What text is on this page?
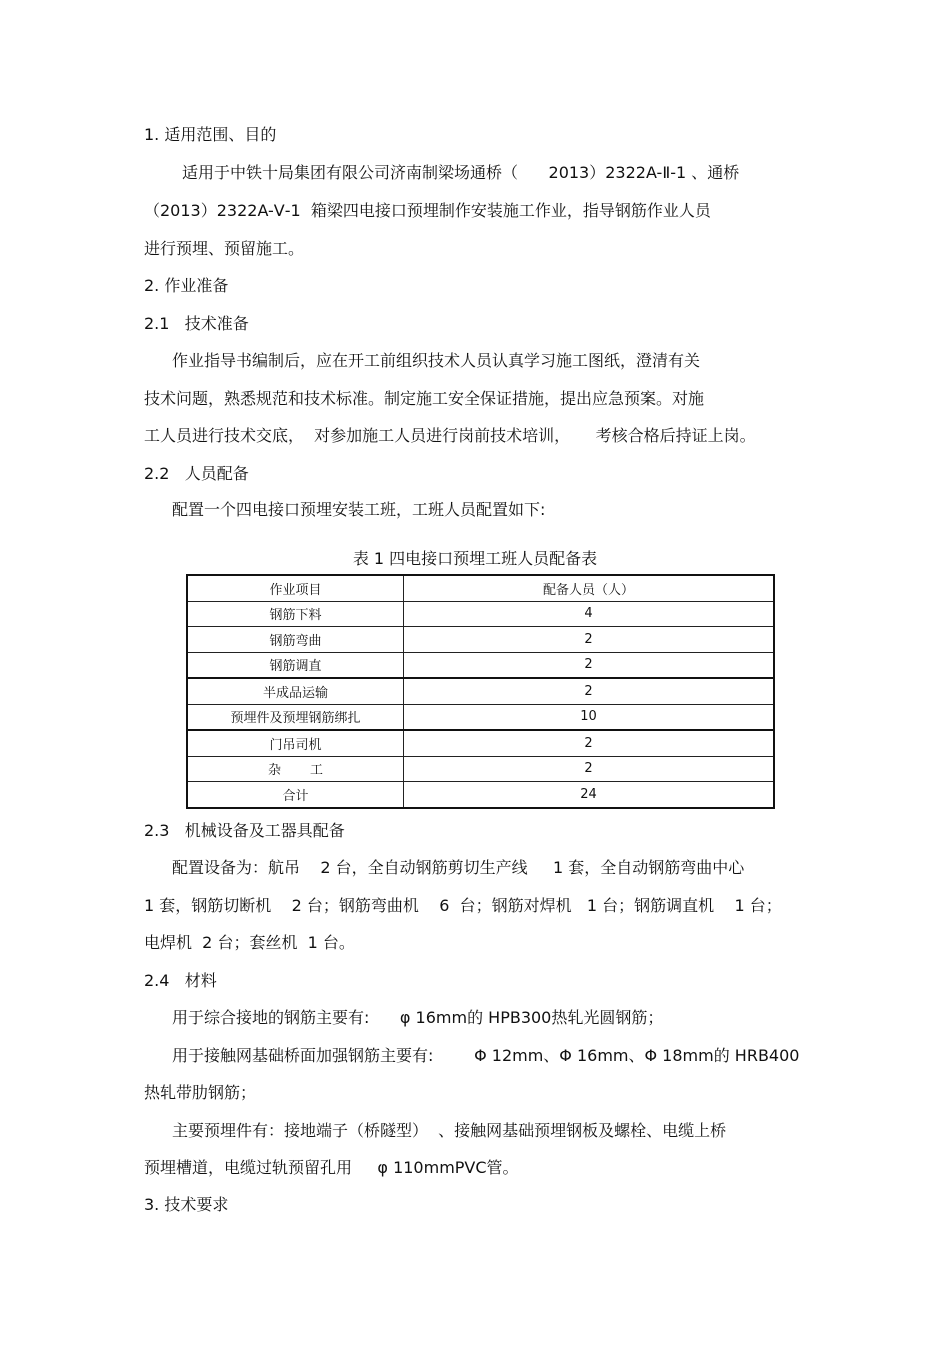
1. 适用范围、目的
适用于中铁十局集团有限公司济南制梁场通桥（      2013）2322A-Ⅱ-1 、通桥
（2013）2322A-Ⅴ-1  箱梁四电接口预埋制作安装施工作业，指导钢筋作业人员
进行预埋、预留施工。
2. 作业准备
2.1   技术准备
作业指导书编制后，应在开工前组织技术人员认真学习施工图纸，澄清有关
技术问题，熟悉规范和技术标准。制定施工安全保证措施，提出应急预案。对施
工人员进行技术交底，  对参加施工人员进行岗前技术培训，     考核合格后持证上岗。
2.2   人员配备
配置一个四电接口预埋安装工班，工班人员配置如下:
表 1 四电接口预埋工班人员配备表
作业项目	配备人员（人）
钢筋下料	4
钢筋弯曲	2
钢筋调直	2
半成品运输	2
预埋件及预埋钢筋绑扎	10
门吊司机	2
杂       工	2
合计	24
2.3   机械设备及工器具配备
配置设备为：航吊    2 台，全自动钢筋剪切生产线     1 套，全自动钢筋弯曲中心
1 套，钢筋切断机    2 台；钢筋弯曲机    6  台；钢筋对焊机   1 台；钢筋调直机    1 台；
电焊机  2 台；套丝机  1 台。
2.4   材料
用于综合接地的钢筋主要有:      φ 16mm的 HPB300热轧光圆钢筋；
用于接触网基础桥面加强钢筋主要有:        Φ 12mm、Φ 16mm、Φ 18mm的 HRB400
热轧带肋钢筋；
主要预埋件有：接地端子（桥隧型）  、接触网基础预埋钢板及螺栓、电缆上桥
预埋槽道，电缆过轨预留孔用     φ 110mmPVC管。
3. 技术要求
